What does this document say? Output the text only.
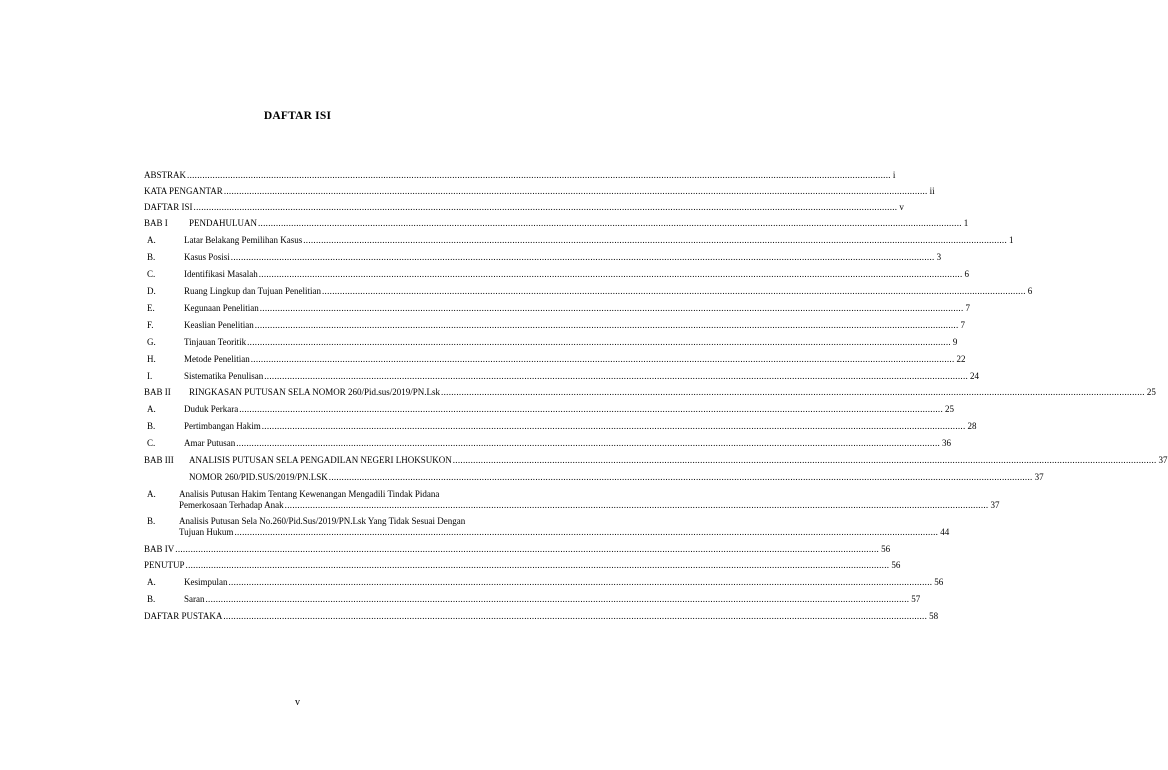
DAFTAR ISI
ABSTRAK .....	i
KATA PENGANTAR .....	ii
DAFTAR ISI .....	v
BAB I PENDAHULUAN .....	1
A.	Latar Belakang Pemilihan Kasus .....	1
B.	Kasus Posisi .....	3
C.	Identifikasi Masalah .....	6
D.	Ruang Lingkup dan Tujuan Penelitian .....	6
E.	Kegunaan Penelitian .....	7
F.	Keaslian Penelitian .....	7
G.	Tinjauan Teoritik .....	9
H.	Metode Penelitian .....	22
I.	Sistematika Penulisan .....	24
BAB II RINGKASAN PUTUSAN SELA NOMOR 260/Pid.sus/2019/PN.Lsk .....	25
A.	Duduk Perkara .....	25
B.	Pertimbangan Hakim .....	28
C.	Amar Putusan .....	36
BAB III ANALISIS PUTUSAN SELA PENGADILAN NEGERI LHOKSUKON .....	37
NOMOR 260/PID.SUS/2019/PN.LSK .....	37
A.	Analisis Putusan Hakim Tentang Kewenangan Mengadili Tindak Pidana
Pemerkosaan Terhadap Anak .....	37
B.	Analisis Putusan Sela No.260/Pid.Sus/2019/PN.Lsk Yang Tidak Sesuai Dengan
Tujuan Hukum .....	44
BAB IV .....	56
PENUTUP .....	56
A.	Kesimpulan .....	56
B.	Saran .....	57
DAFTAR PUSTAKA .....	58
v
